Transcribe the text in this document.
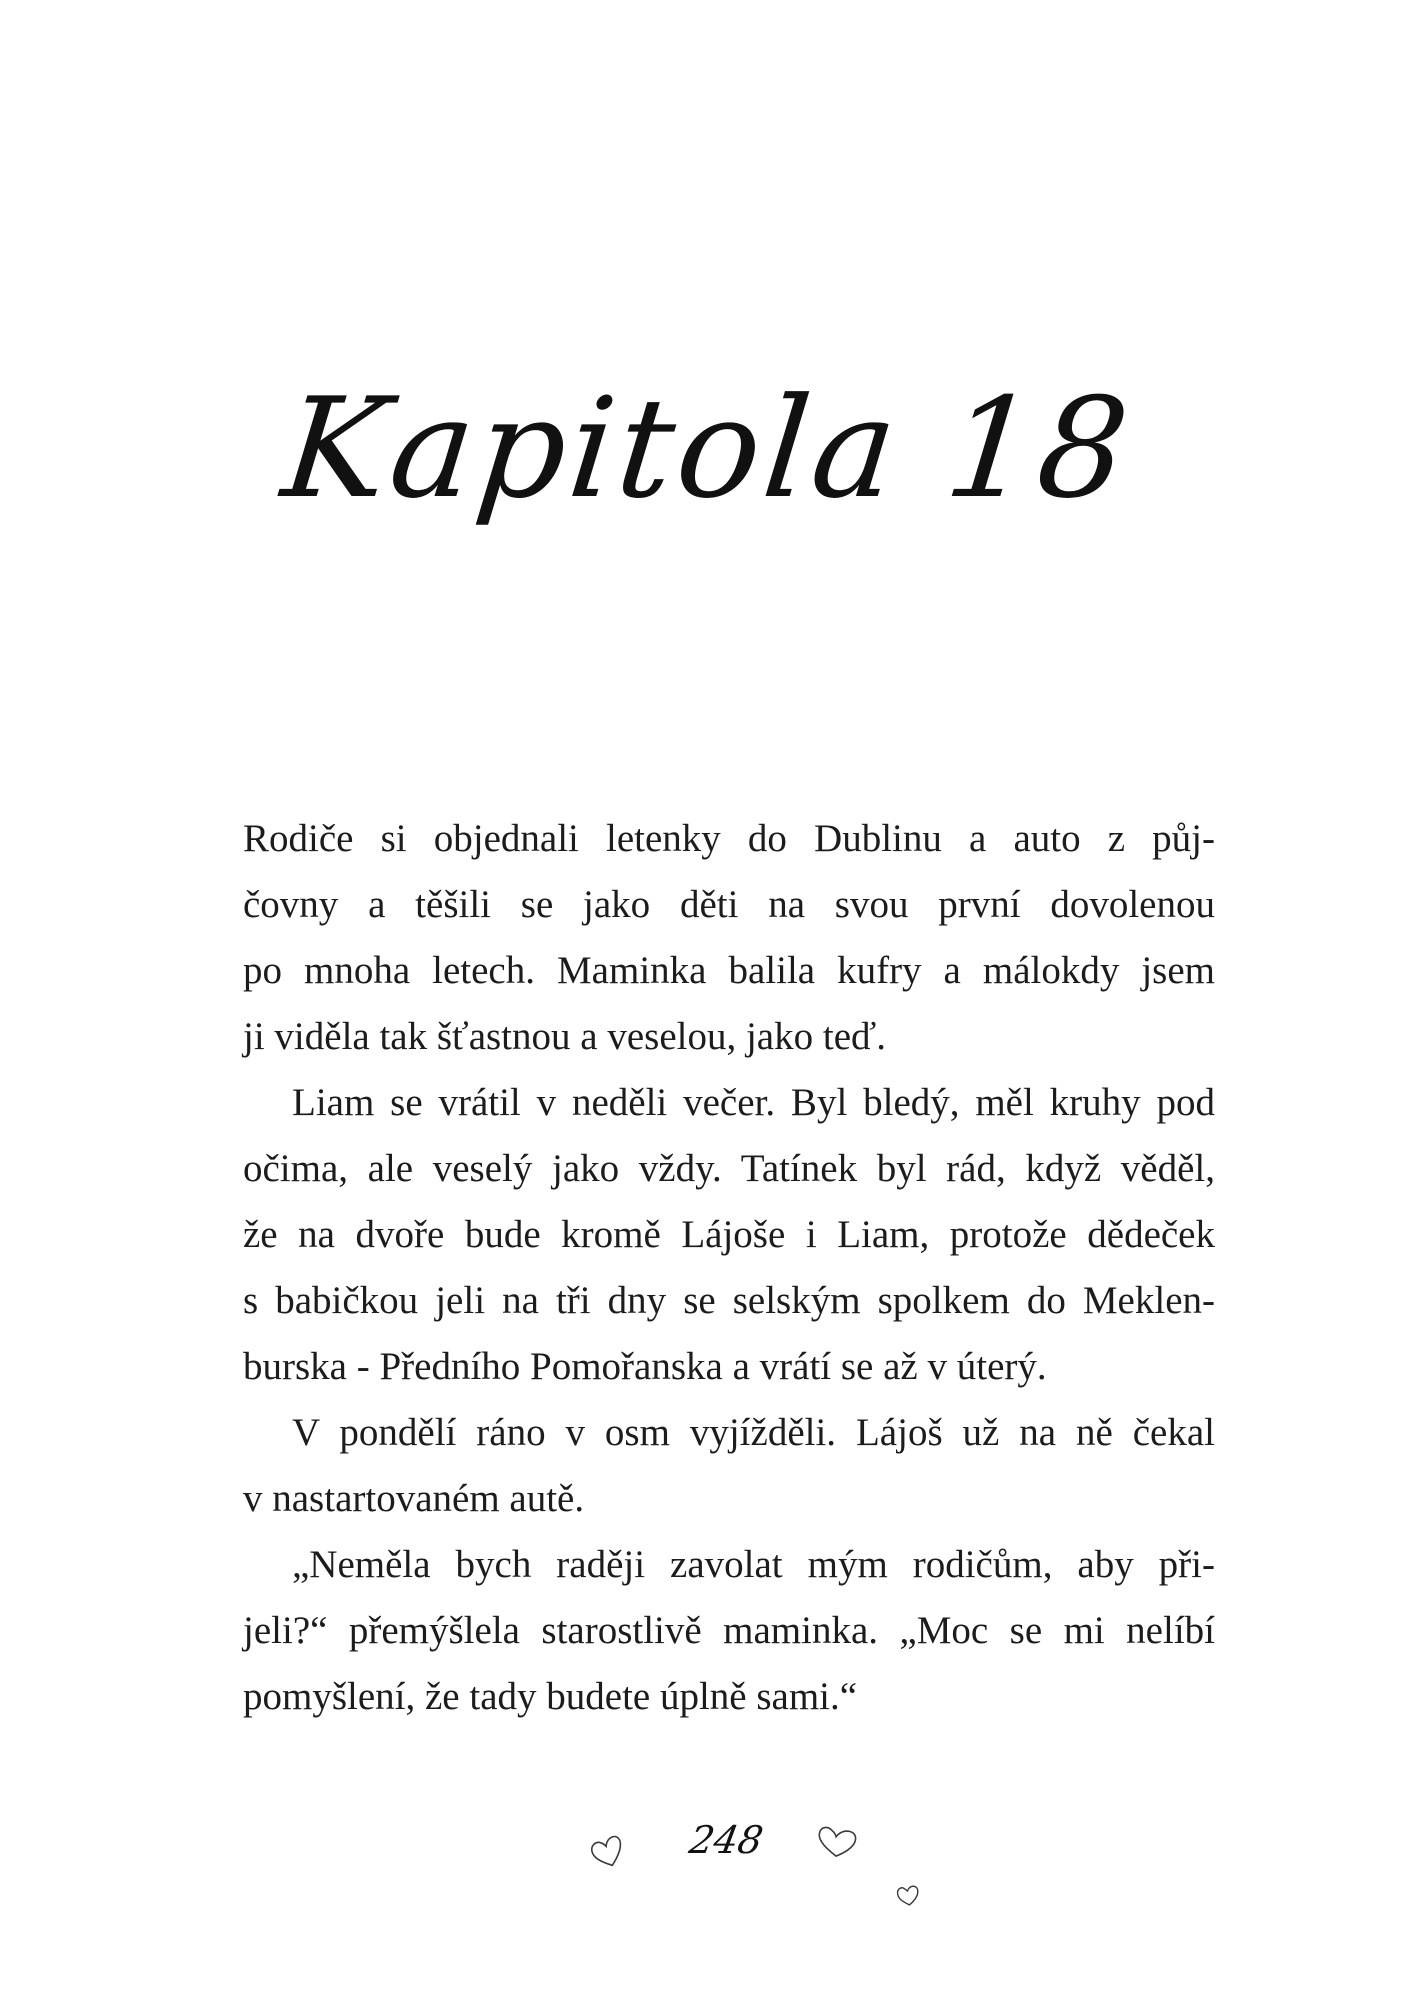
Kapitola 18

Rodiče si objednali letenky do Dublinu a auto z půj-
čovny a těšili se jako děti na svou první dovolenou
po mnoha letech. Maminka balila kufry a málokdy jsem
ji viděla tak šťastnou a veselou, jako teď.

Liam se vrátil v neděli večer. Byl bledý, měl kruhy pod
očima, ale veselý jako vždy. Tatínek byl rád, když věděl,
že na dvoře bude kromě Lájoše i Liam, protože dědeček
s babičkou jeli na tři dny se selským spolkem do Meklen-
burska - Předního Pomořanska a vrátí se až v úterý.

V pondělí ráno v osm vyjížděli. Lájoš už na ně čekal
v nastartovaném autě.

„Neměla bych raději zavolat mým rodičům, aby při-
jeli?“ přemýšlela starostlivě maminka. „Moc se mi nelíbí
pomyšlení, že tady budete úplně sami.“

248
